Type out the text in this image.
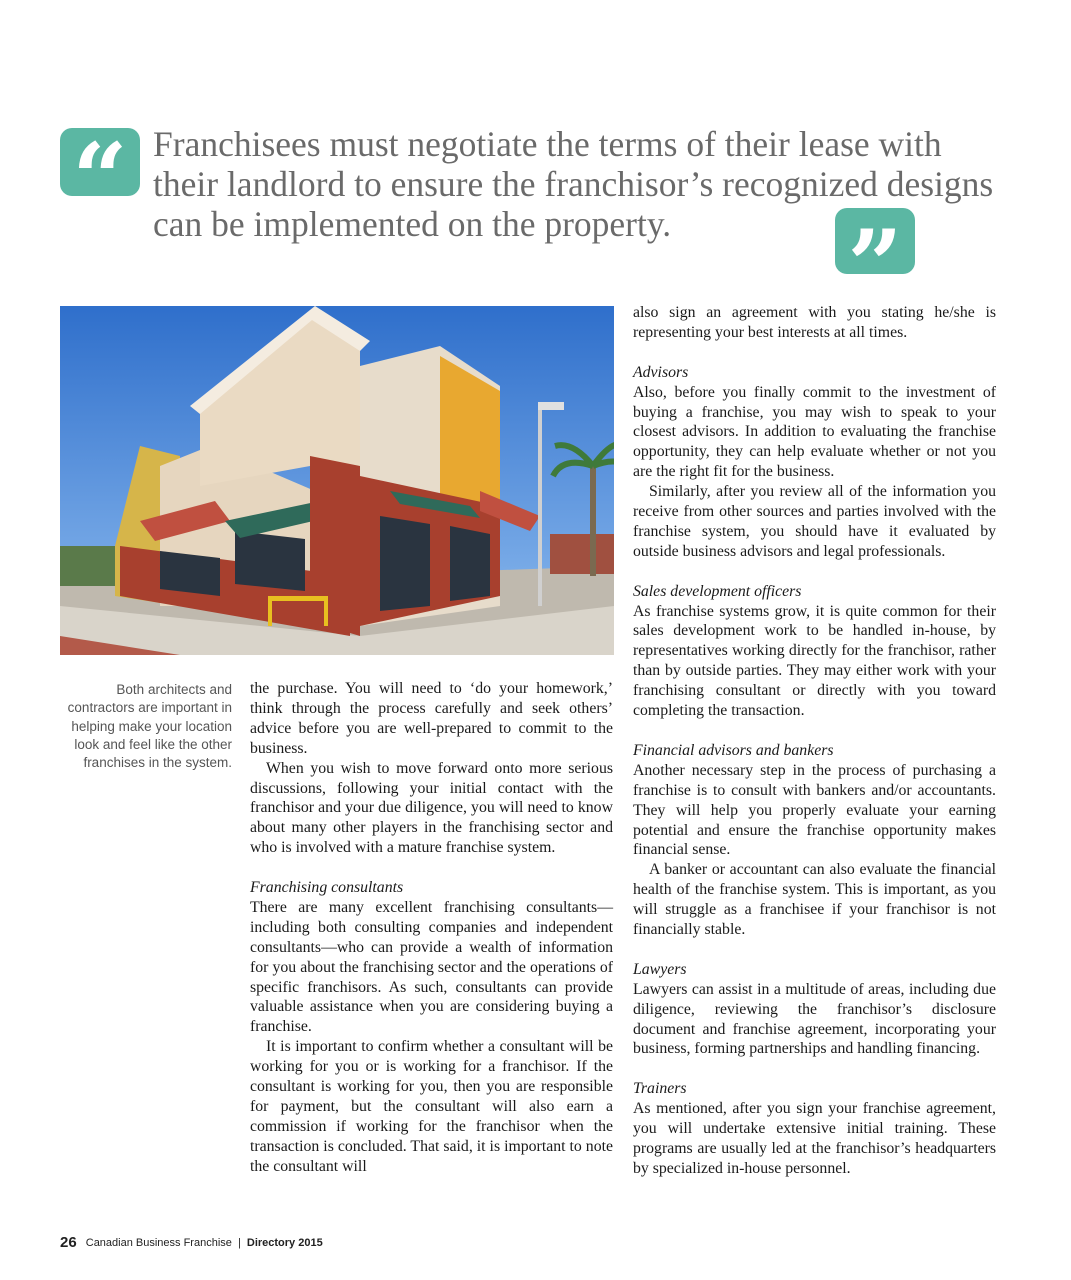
“ Franchisees must negotiate the terms of their lease with their landlord to ensure the franchisor’s recognized designs can be implemented on the property.	”
Both architects and contractors are important in helping make your location look and feel like the other franchises in the system.

the purchase. You will need to ‘do your homework,’ think through the process carefully and seek others’ advice before you are well-prepared to commit to the business.

When you wish to move forward onto more serious discussions, following your initial contact with the franchisor and your due diligence, you will need to know about many other players in the franchising sector and who is involved with a mature franchise system.

Franchising consultants

There are many excellent franchising consultants—including both consulting companies and independent consultants—who can provide a wealth of information for you about the franchising sector and the operations of specific franchisors. As such, consultants can provide valuable assistance when you are considering buying a franchise.

It is important to confirm whether a consultant will be working for you or is working for a franchisor. If the consultant is working for you, then you are responsible for payment, but the consultant will also earn a commission if working for the franchisor when the transaction is concluded. That said, it is important to note the consultant will

also sign an agreement with you stating he/she is representing your best interests at all times.

Advisors

Also, before you finally commit to the investment of buying a franchise, you may wish to speak to your closest advisors. In addition to evaluating the franchise opportunity, they can help evaluate whether or not you are the right fit for the business.

Similarly, after you review all of the information you receive from other sources and parties involved with the franchise system, you should have it evaluated by outside business advisors and legal professionals.

Sales development officers

As franchise systems grow, it is quite common for their sales development work to be handled in-house, by representatives working directly for the franchisor, rather than by outside parties. They may either work with your franchising consultant or directly with you toward completing the transaction.

Financial advisors and bankers

Another necessary step in the process of purchasing a franchise is to consult with bankers and/or accountants. They will help you properly evaluate your earning potential and ensure the franchise opportunity makes financial sense.

A banker or accountant can also evaluate the financial health of the franchise system. This is important, as you will struggle as a franchisee if your franchisor is not financially stable.

Lawyers

Lawyers can assist in a multitude of areas, including due diligence, reviewing the franchisor’s disclosure document and franchise agreement, incorporating your business, forming partnerships and handling financing.

Trainers

As mentioned, after you sign your franchise agreement, you will undertake extensive initial training. These programs are usually led at the franchisor’s headquarters by specialized in-house personnel.

26 Canadian Business Franchise | Directory 2015
